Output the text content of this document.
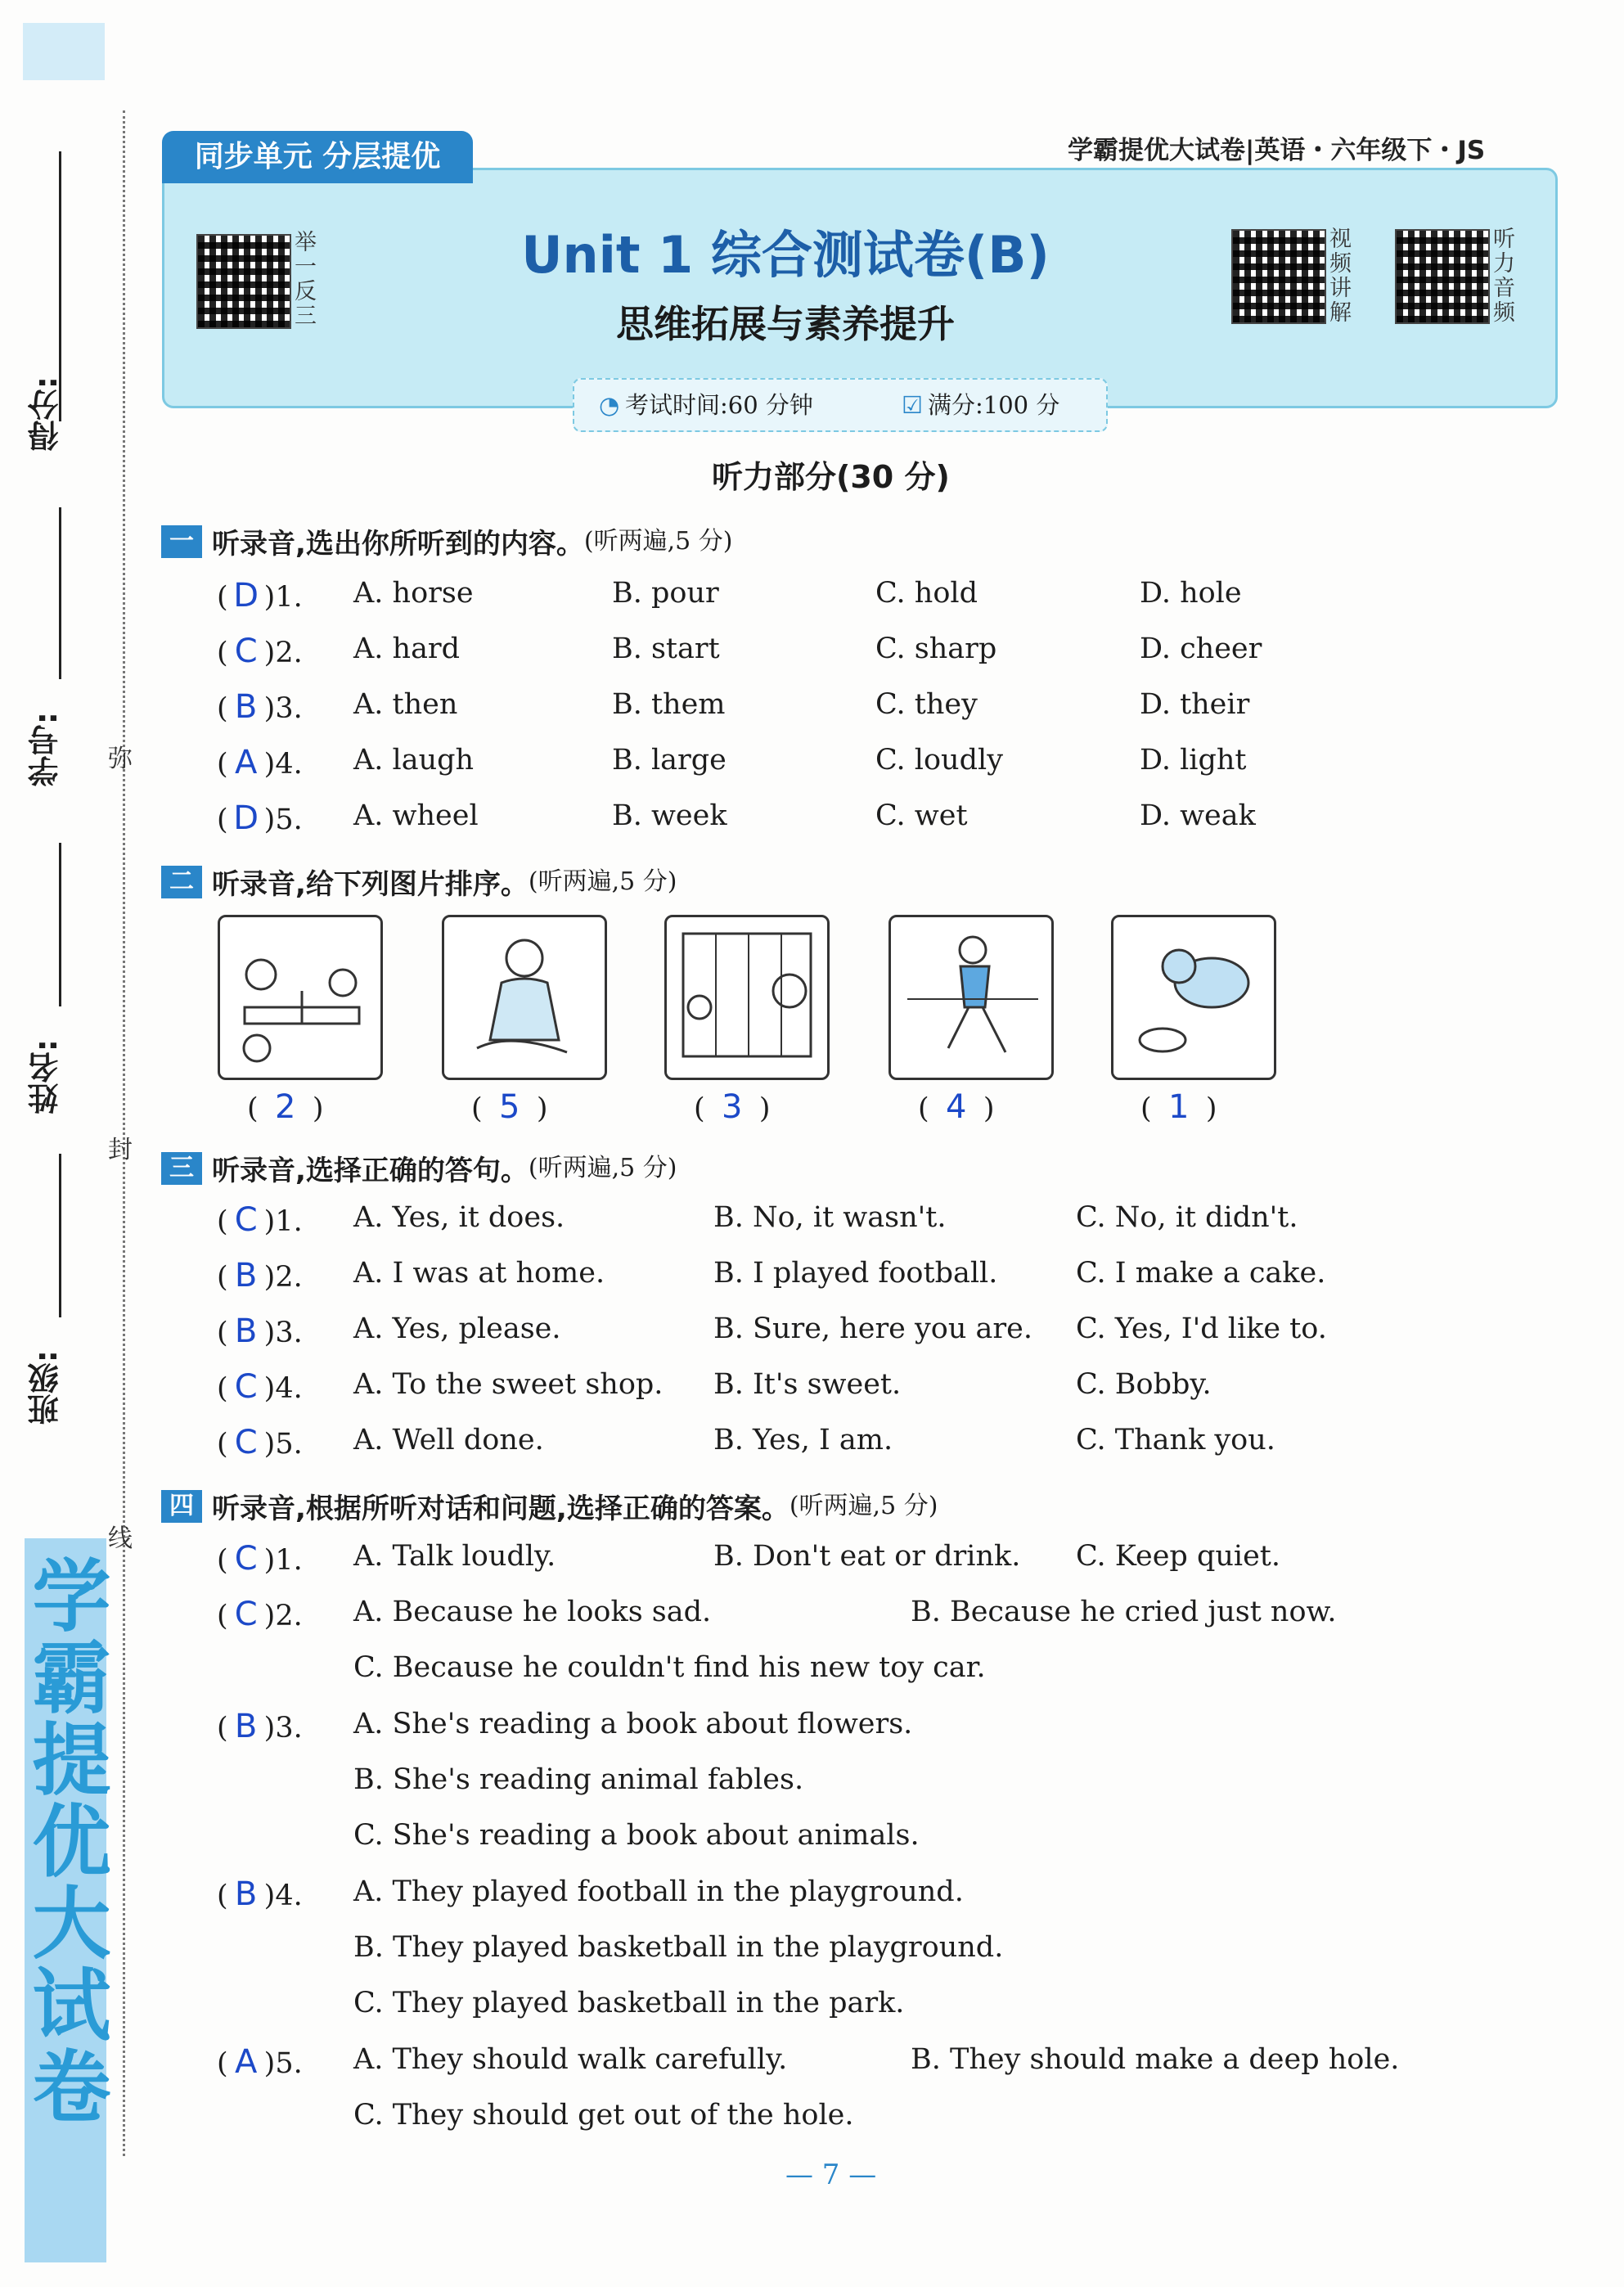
学霸提优大试卷
得分:
学号:
姓名:
班级:
弥
封
线
同步单元 分层提优	学霸提优大试卷|英语・六年级下・JS
举一反三
视频讲解
听力音频
Unit 1 综合测试卷(B)
思维拓展与素养提升
◔ 考试时间:60 分钟	☑ 满分:100 分
听力部分(30 分)
一 听录音,选出你所听到的内容。(听两遍,5 分)
( D )1. A. horse	B. pour	C. hold	D. hole
( C )2. A. hard	B. start	C. sharp	D. cheer
( B )3. A. then	B. them	C. they	D. their
( A )4. A. laugh	B. large	C. loudly	D. light
( D )5. A. wheel	B. week	C. wet	D. weak
二 听录音,给下列图片排序。(听两遍,5 分)
( 2 )	( 5 )	( 3 )	( 4 )	( 1 )
三 听录音,选择正确的答句。(听两遍,5 分)
( C )1. A. Yes, it does.	B. No, it wasn't.	C. No, it didn't.
( B )2. A. I was at home.	B. I played football.	C. I make a cake.
( B )3. A. Yes, please.	B. Sure, here you are. C. Yes, I'd like to.
( C )4. A. To the sweet shop. B. It's sweet.	C. Bobby.
( C )5. A. Well done.	B. Yes, I am.	C. Thank you.
四 听录音,根据所听对话和问题,选择正确的答案。(听两遍,5 分)
( C )1. A. Talk loudly.	B. Don't eat or drink. C. Keep quiet.
( C )2. A. Because he looks sad.	B. Because he cried just now.
C. Because he couldn't find his new toy car.
( B )3. A. She's reading a book about flowers.
B. She's reading animal fables.
C. She's reading a book about animals.
( B )4. A. They played football in the playground.
B. They played basketball in the playground.
C. They played basketball in the park.
( A )5. A. They should walk carefully.	B. They should make a deep hole.
C. They should get out of the hole.
— 7 —
